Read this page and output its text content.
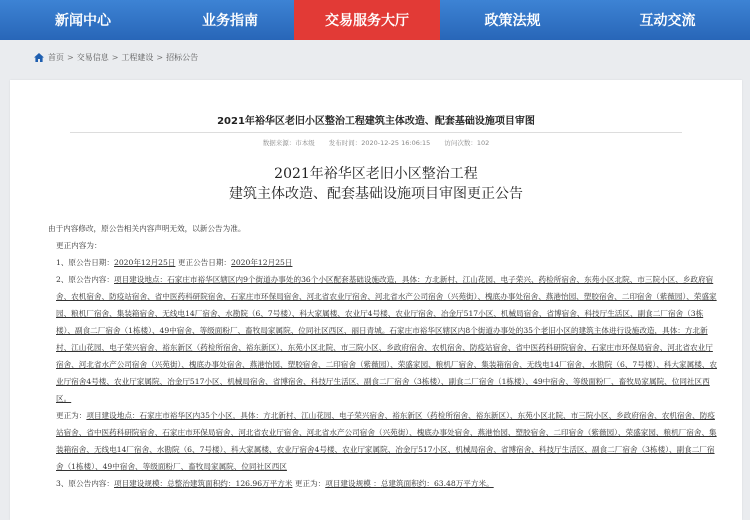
新闻中心	业务指南	交易服务大厅	政策法规	互动交流
首页 > 交易信息 > 工程建设 > 招标公告
2021年裕华区老旧小区整治工程建筑主体改造、配套基础设施项目审图
数据来源：市本级 发布时间：2020-12-25 16:06:15 访问次数：102
2021年裕华区老旧小区整治工程
建筑主体改造、配套基础设施项目审图更正公告

由于内容修改，原公告相关内容声明无效，以新公告为准。

更正内容为：

1、原公告日期：2020年12月25日 更正公告日期：2020年12月25日

2、原公告内容：项目建设地点：石家庄市裕华区辖区内9个街道办事处的36个小区配套基础设施改造，具体：方北新村、江山花园、电子荣兴、药检所宿舍、东苑小区北院、市三院小区、乡政府宿舍、农机宿舍、防疫站宿舍、省中医药科研院宿舍、石家庄市环保局宿舍、河北省农业厅宿舍、河北省水产公司宿舍（兴苑街）、槐底办事处宿舍、燕港怡园、塑胶宿舍、二印宿舍（紫薇园）、荣盛家园、粮机厂宿舍、集装箱宿舍、无线电14厂宿舍、水勘院（6、7号楼）、科大家属楼、农业厅4号楼、农业厅宿舍、冶金厅517小区、机械局宿舍、省博宿舍、科技厅生活区、副食二厂宿舍（3栋楼）、副食二厂宿舍（1栋楼）、49中宿舍、等级面粉厂、畜牧局家属院、位同社区西区、丽日青城。石家庄市裕华区辖区内8个街道办事处的35个老旧小区的建筑主体进行设施改造，具体：方北新村、江山花园、电子荣兴宿舍、裕东新区（药检所宿舍、裕东新区）、东苑小区北院、市三院小区、乡政府宿舍、农机宿舍、防疫站宿舍、省中医药科研院宿舍、石家庄市环保局宿舍、河北省农业厅宿舍、河北省水产公司宿舍（兴苑街）、槐底办事处宿舍、燕港怡园、塑胶宿舍、二印宿舍（紫薇园）、荣盛家园、粮机厂宿舍、集装箱宿舍、无线电14厂宿舍、水勘院（6、7号楼）、科大家属楼、农业厅宿舍4号楼、农业厅家属院、冶金厅517小区、机械局宿舍、省博宿舍、科技厅生活区、副食二厂宿舍（3栋楼）、副食二厂宿舍（1栋楼）、49中宿舍、等级面粉厂、畜牧局家属院、位同社区西区。

更正为：项目建设地点：石家庄市裕华区内35个小区，具体：方北新村、江山花园、电子荣兴宿舍、裕东新区（药检所宿舍、裕东新区）、东苑小区北院、市三院小区、乡政府宿舍、农机宿舍、防疫站宿舍、省中医药科研院宿舍、石家庄市环保局宿舍、河北省农业厅宿舍、河北省水产公司宿舍（兴苑街）、槐底办事处宿舍、燕港怡园、塑胶宿舍、二印宿舍（紫薇园）、荣盛家园、粮机厂宿舍、集装箱宿舍、无线电14厂宿舍、水勘院（6、7号楼）、科大家属楼、农业厅宿舍4号楼、农业厅家属院、冶金厅517小区、机械局宿舍、省博宿舍、科技厅生活区、副食二厂宿舍（3栋楼）、副食二厂宿舍（1栋楼）、49中宿舍、等级面粉厂、畜牧局家属院、位同社区西区

3、原公告内容：项目建设规模：总整治建筑面积约：126.96万平方米 更正为：项目建设规模 ：总建筑面积约：63.48万平方米。
